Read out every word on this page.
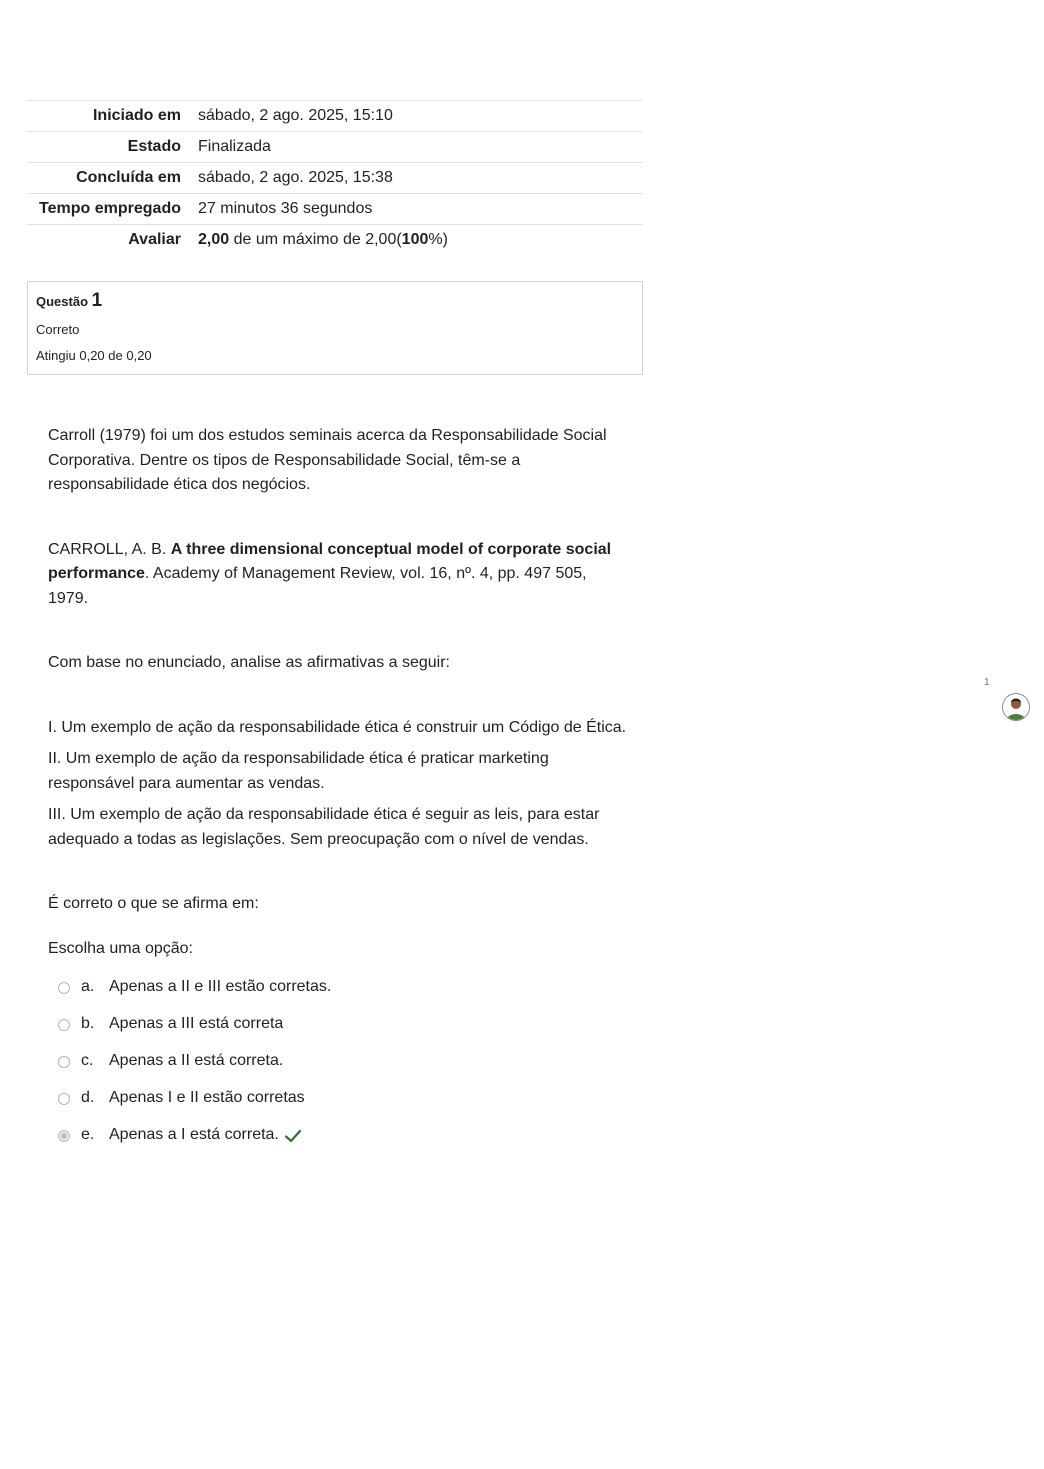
Iniciado em	sábado, 2 ago. 2025, 15:10
Estado	Finalizada
Concluída em	sábado, 2 ago. 2025, 15:38
Tempo empregado	27 minutos 36 segundos
Avaliar	2,00 de um máximo de 2,00(100%)
Questão 1
Correto
Atingiu 0,20 de 0,20

Carroll (1979) foi um dos estudos seminais acerca da Responsabilidade Social Corporativa. Dentre os tipos de Responsabilidade Social, têm-se a responsabilidade ética dos negócios.

CARROLL, A. B. A three dimensional conceptual model of corporate social performance. Academy of Management Review, vol. 16, nº. 4, pp. 497 505, 1979.

Com base no enunciado, analise as afirmativas a seguir:

I. Um exemplo de ação da responsabilidade ética é construir um Código de Ética.

II. Um exemplo de ação da responsabilidade ética é praticar marketing responsável para aumentar as vendas.

III. Um exemplo de ação da responsabilidade ética é seguir as leis, para estar adequado a todas as legislações. Sem preocupação com o nível de vendas.

É correto o que se afirma em:

Escolha uma opção:
a. Apenas a II e III estão corretas.
b. Apenas a III está correta
c. Apenas a II está correta.
d. Apenas I e II estão corretas
e. Apenas a I está correta.
1
